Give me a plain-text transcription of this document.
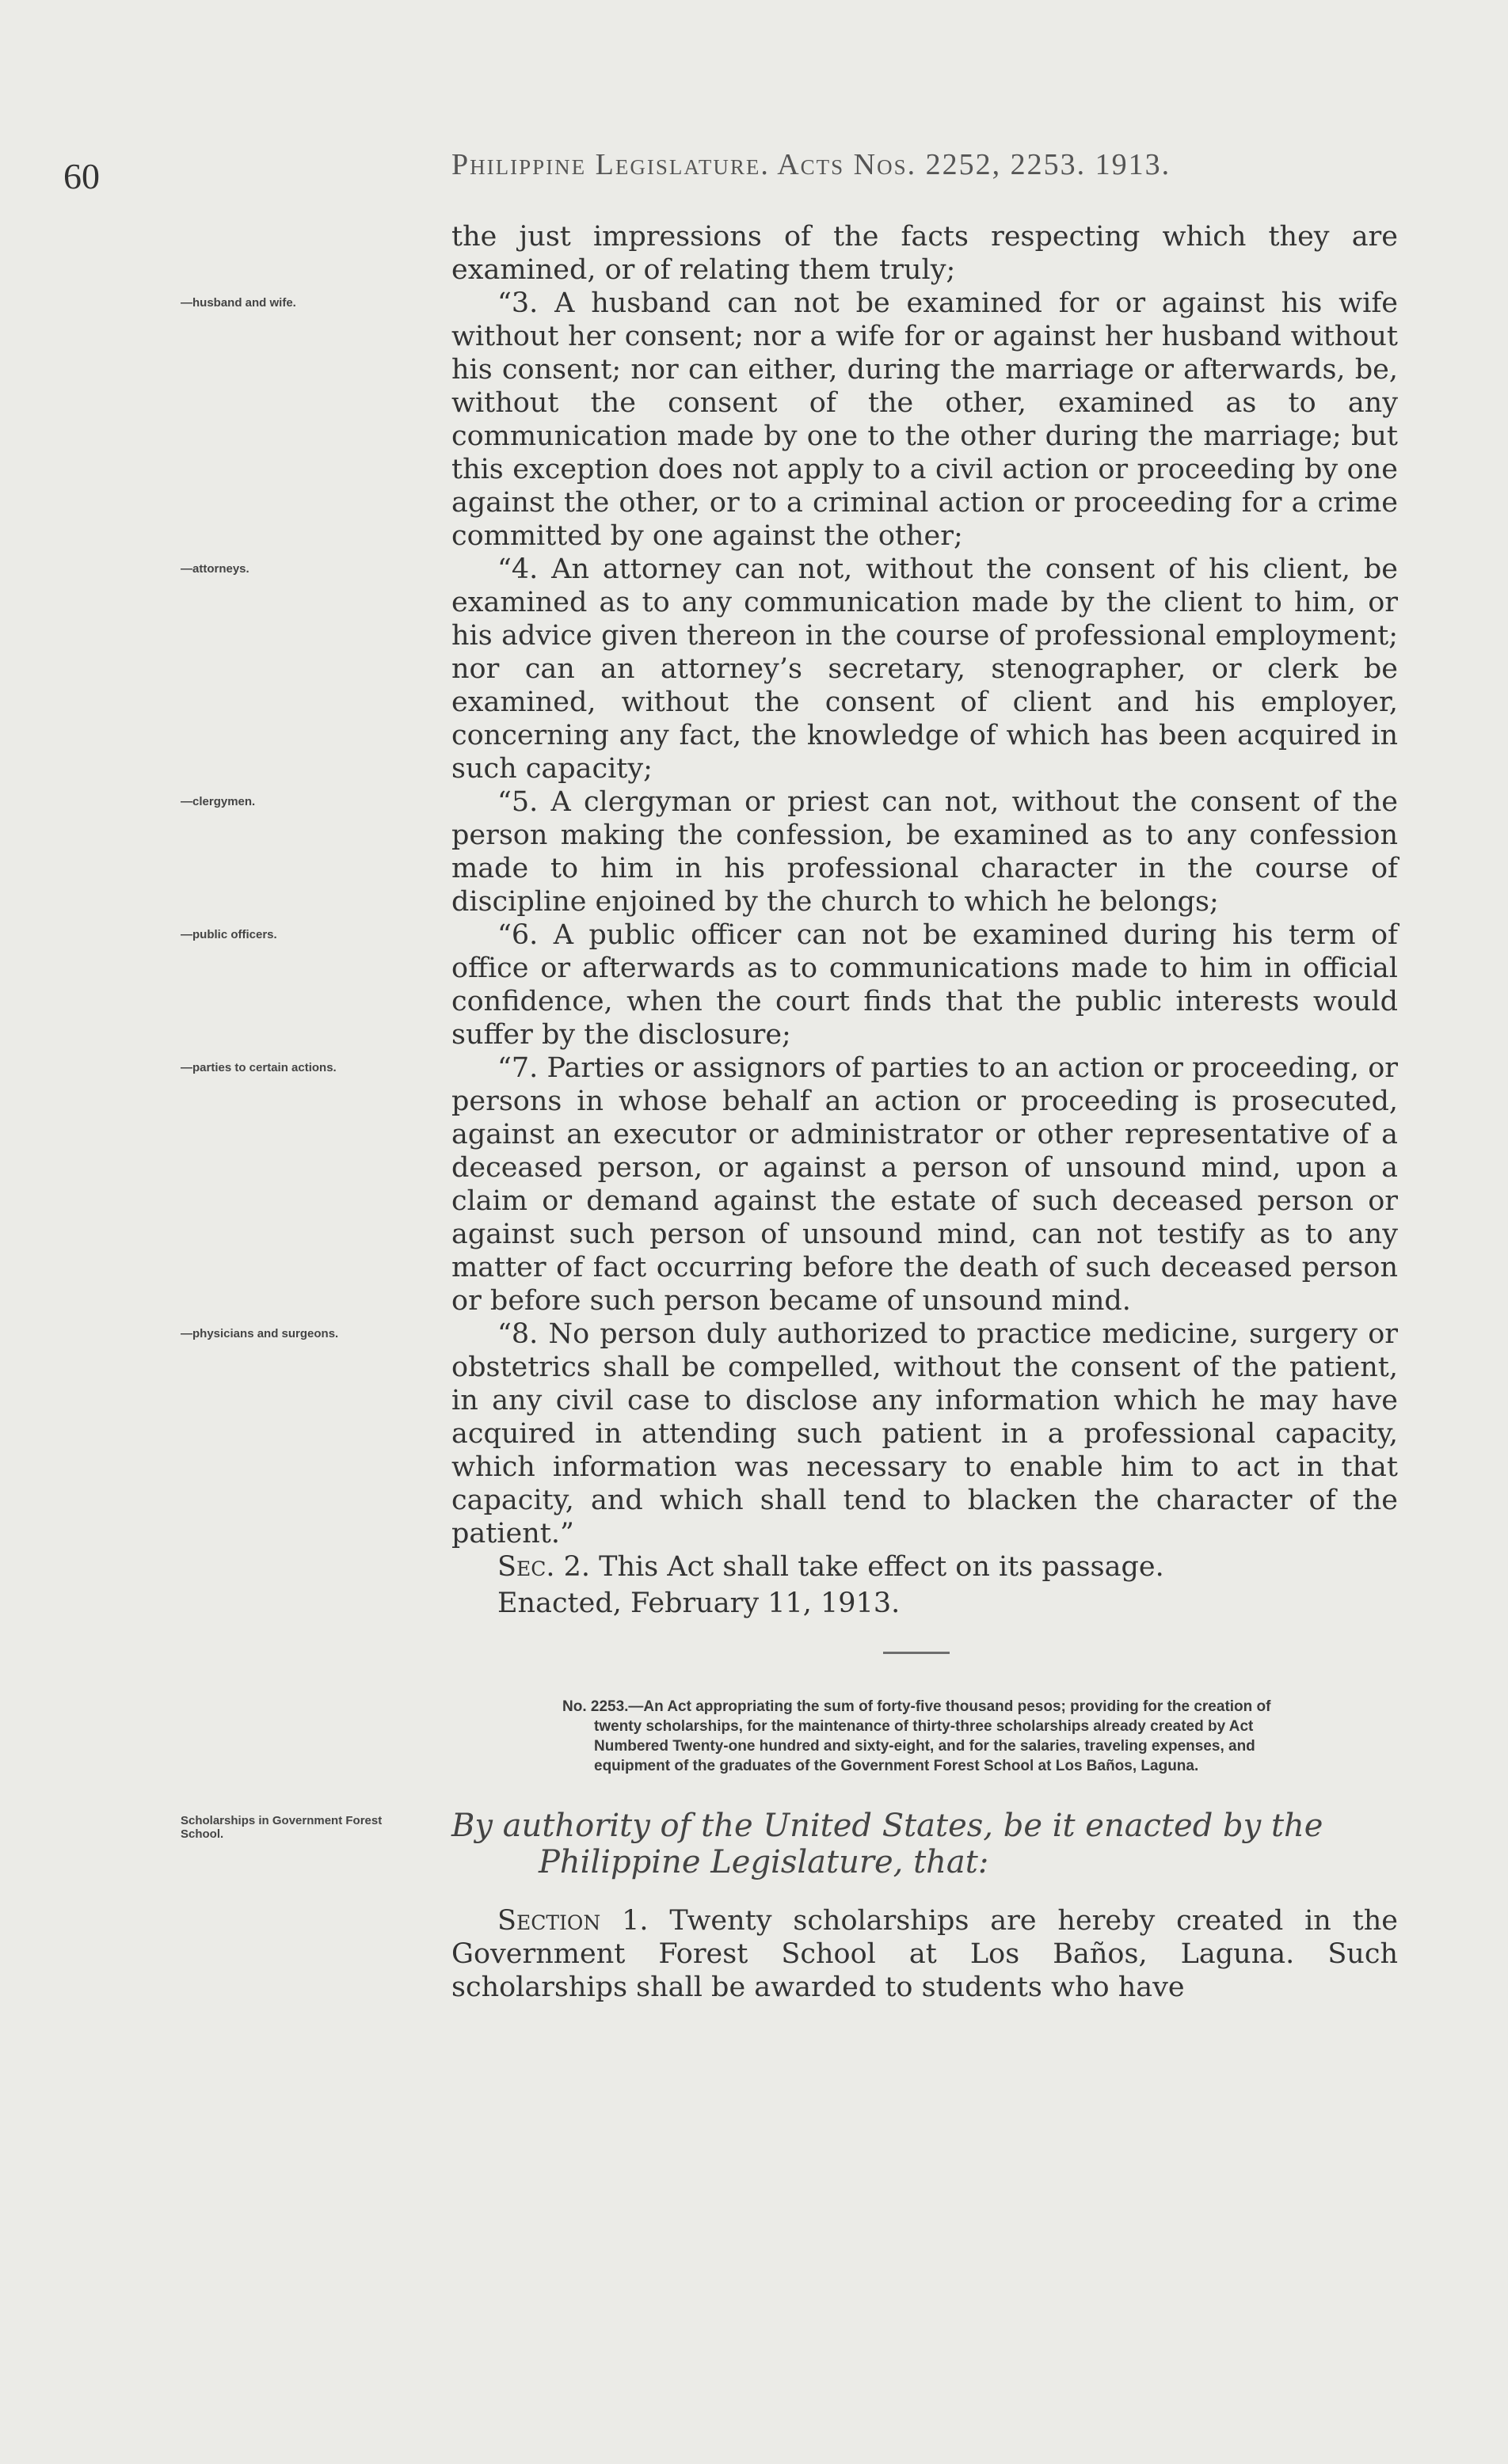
60	Philippine Legislature. Acts Nos. 2252, 2253. 1913.

the just impressions of the facts respecting which they are examined, or of relating them truly;

—husband and wife.	“3. A husband can not be examined for or against his wife without her consent; nor a wife for or against her husband without his consent; nor can either, during the marriage or afterwards, be, without the consent of the other, examined as to any communication made by one to the other during the marriage; but this exception does not apply to a civil action or proceeding by one against the other, or to a criminal action or proceeding for a crime committed by one against the other;

—attorneys.	“4. An attorney can not, without the consent of his client, be examined as to any communication made by the client to him, or his advice given thereon in the course of professional employment; nor can an attorney’s secretary, stenographer, or clerk be examined, without the consent of client and his employer, concerning any fact, the knowledge of which has been acquired in such capacity;

—clergymen.	“5. A clergyman or priest can not, without the consent of the person making the confession, be examined as to any confession made to him in his professional character in the course of discipline enjoined by the church to which he belongs;

—public officers.	“6. A public officer can not be examined during his term of office or afterwards as to communications made to him in official confidence, when the court finds that the public interests would suffer by the disclosure;

—parties to certain actions.	“7. Parties or assignors of parties to an action or proceeding, or persons in whose behalf an action or proceeding is prosecuted, against an executor or administrator or other representative of a deceased person, or against a person of unsound mind, upon a claim or demand against the estate of such deceased person or against such person of unsound mind, can not testify as to any matter of fact occurring before the death of such deceased person or before such person became of unsound mind.

—physicians and surgeons.	“8. No person duly authorized to practice medicine, surgery or obstetrics shall be compelled, without the consent of the patient, in any civil case to disclose any information which he may have acquired in attending such patient in a professional capacity, which information was necessary to enable him to act in that capacity, and which shall tend to blacken the character of the patient.”

Sec. 2. This Act shall take effect on its passage.

Enacted, February 11, 1913.

No. 2253.—An Act appropriating the sum of forty-five thousand pesos; providing for the creation of twenty scholarships, for the maintenance of thirty-three scholarships already created by Act Numbered Twenty-one hundred and sixty-eight, and for the salaries, traveling expenses, and equipment of the graduates of the Government Forest School at Los Baños, Laguna.
Scholarships in Government Forest School.	By authority of the United States, be it enacted by the Philippine Legislature, that:

Section 1. Twenty scholarships are hereby created in the Government Forest School at Los Baños, Laguna. Such scholarships shall be awarded to students who have
